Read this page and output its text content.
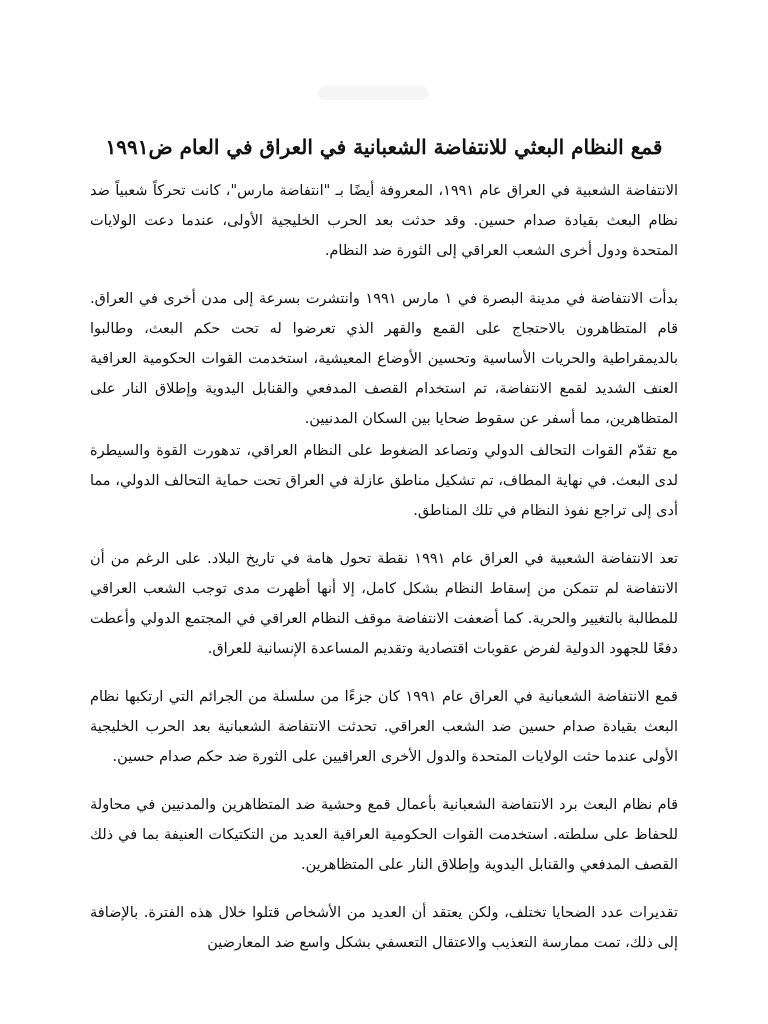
قمع النظام البعثي للانتفاضة الشعبانية في العراق في العام ض١٩٩١

الانتفاضة الشعبية في العراق عام ١٩٩١، المعروفة أيضًا بـ "انتفاضة مارس"، كانت تحركاً شعبياً ضد نظام البعث بقيادة صدام حسين. وقد حدثت بعد الحرب الخليجية الأولى، عندما دعت الولايات المتحدة ودول أخرى الشعب العراقي إلى الثورة ضد النظام.

بدأت الانتفاضة في مدينة البصرة في ١ مارس ١٩٩١ وانتشرت بسرعة إلى مدن أخرى في العراق. قام المتظاهرون بالاحتجاج على القمع والقهر الذي تعرضوا له تحت حكم البعث، وطالبوا بالديمقراطية والحريات الأساسية وتحسين الأوضاع المعيشية، استخدمت القوات الحكومية العراقية العنف الشديد لقمع الانتفاضة، تم استخدام القصف المدفعي والقنابل اليدوية وإطلاق النار على المتظاهرين، مما أسفر عن سقوط ضحايا بين السكان المدنيين.

مع تقدّم القوات التحالف الدولي وتصاعد الضغوط على النظام العراقي، تدهورت القوة والسيطرة لدى البعث. في نهاية المطاف، تم تشكيل مناطق عازلة في العراق تحت حماية التحالف الدولي، مما أدى إلى تراجع نفوذ النظام في تلك المناطق.

تعد الانتفاضة الشعبية في العراق عام ١٩٩١ نقطة تحول هامة في تاريخ البلاد. على الرغم من أن الانتفاضة لم تتمكن من إسقاط النظام بشكل كامل، إلا أنها أظهرت مدى توجب الشعب العراقي للمطالبة بالتغيير والحرية. كما أضعفت الانتفاضة موقف النظام العراقي في المجتمع الدولي وأعطت دفعًا للجهود الدولية لفرض عقوبات اقتصادية وتقديم المساعدة الإنسانية للعراق.

قمع الانتفاضة الشعبانية في العراق عام ١٩٩١ كان جزءًا من سلسلة من الجرائم التي ارتكبها نظام البعث بقيادة صدام حسين ضد الشعب العراقي. تحدثت الانتفاضة الشعبانية بعد الحرب الخليجية الأولى عندما حثت الولايات المتحدة والدول الأخرى العراقيين على الثورة ضد حكم صدام حسين.

قام نظام البعث برد الانتفاضة الشعبانية بأعمال قمع وحشية ضد المتظاهرين والمدنيين في محاولة للحفاظ على سلطته. استخدمت القوات الحكومية العراقية العديد من التكتيكات العنيفة بما في ذلك القصف المدفعي والقنابل اليدوية وإطلاق النار على المتظاهرين.

تقديرات عدد الضحايا تختلف، ولكن يعتقد أن العديد من الأشخاص قتلوا خلال هذه الفترة. بالإضافة إلى ذلك، تمت ممارسة التعذيب والاعتقال التعسفي بشكل واسع ضد المعارضين
